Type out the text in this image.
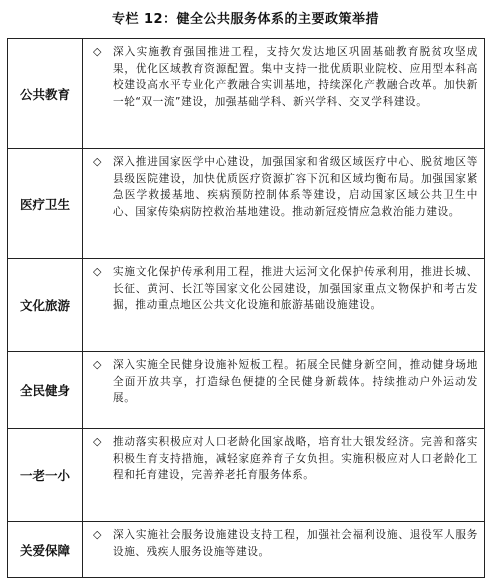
专栏 12：健全公共服务体系的主要政策举措
公共教育	◇ 深入实施教育强国推进工程，支持欠发达地区巩固基础教育脱贫攻坚成果，优化区域教育资源配置。集中支持一批优质职业院校、应用型本科高校建设高水平专业化产教融合实训基地，持续深化产教融合改革。加快新一轮“双一流”建设，加强基础学科、新兴学科、交叉学科建设。
医疗卫生	◇ 深入推进国家医学中心建设，加强国家和省级区域医疗中心、脱贫地区等县级医院建设，加快优质医疗资源扩容下沉和区域均衡布局。加强国家紧急医学救援基地、疾病预防控制体系等建设，启动国家区域公共卫生中心、国家传染病防控救治基地建设。推动新冠疫情应急救治能力建设。
文化旅游	◇ 实施文化保护传承利用工程，推进大运河文化保护传承利用，推进长城、长征、黄河、长江等国家文化公园建设，加强国家重点文物保护和考古发掘，推动重点地区公共文化设施和旅游基础设施建设。
全民健身	◇ 深入实施全民健身设施补短板工程。拓展全民健身新空间，推动健身场地全面开放共享，打造绿色便捷的全民健身新载体。持续推动户外运动发展。
一老一小	◇ 推动落实积极应对人口老龄化国家战略，培育壮大银发经济。完善和落实积极生育支持措施，减轻家庭养育子女负担。实施积极应对人口老龄化工程和托育建设，完善养老托育服务体系。
关爱保障	◇ 深入实施社会服务设施建设支持工程，加强社会福利设施、退役军人服务设施、残疾人服务设施等建设。
